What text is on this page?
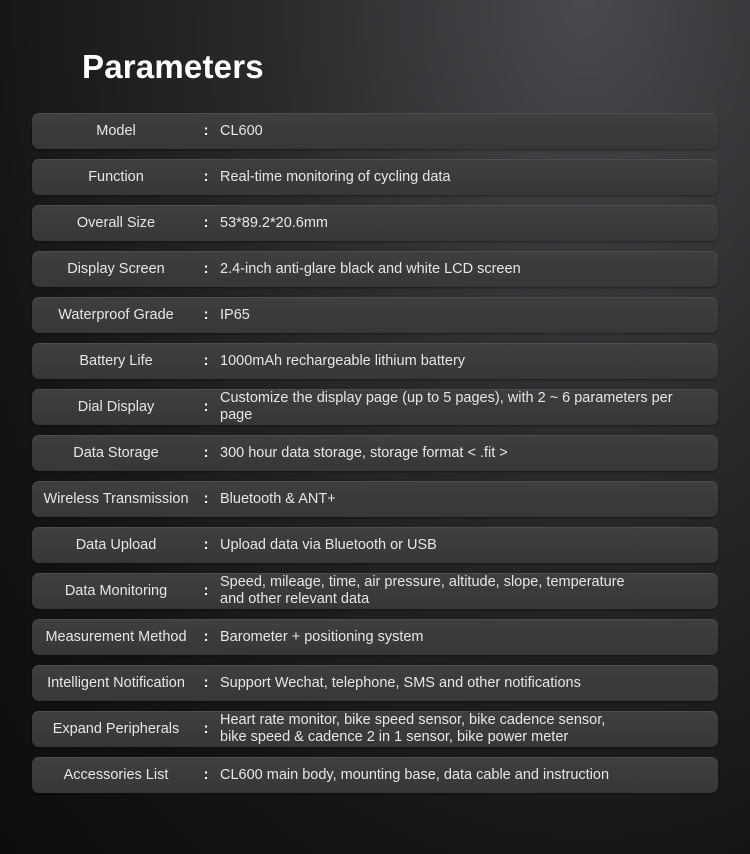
Parameters
Model	: CL600
Function	: Real-time monitoring of cycling data
Overall Size	: 53*89.2*20.6mm
Display Screen	: 2.4-inch anti-glare black and white LCD screen
Waterproof Grade	: IP65
Battery Life	: 1000mAh rechargeable lithium battery
Dial Display	:
Customize the display page (up to 5 pages), with 2 ~ 6 parameters per page
Data Storage	: 300 hour data storage, storage format < .fit >
Wireless Transmission	: Bluetooth & ANT+
Data Upload	: Upload data via Bluetooth or USB
Data Monitoring	:
Speed, mileage, time, air pressure, altitude, slope, temperature and other relevant data
Measurement Method	: Barometer + positioning system
Intelligent Notification	: Support Wechat, telephone, SMS and other notifications
Expand Peripherals	:
Heart rate monitor, bike speed sensor, bike cadence sensor, bike speed & cadence 2 in 1 sensor, bike power meter
Accessories List	: CL600 main body, mounting base, data cable and instruction
